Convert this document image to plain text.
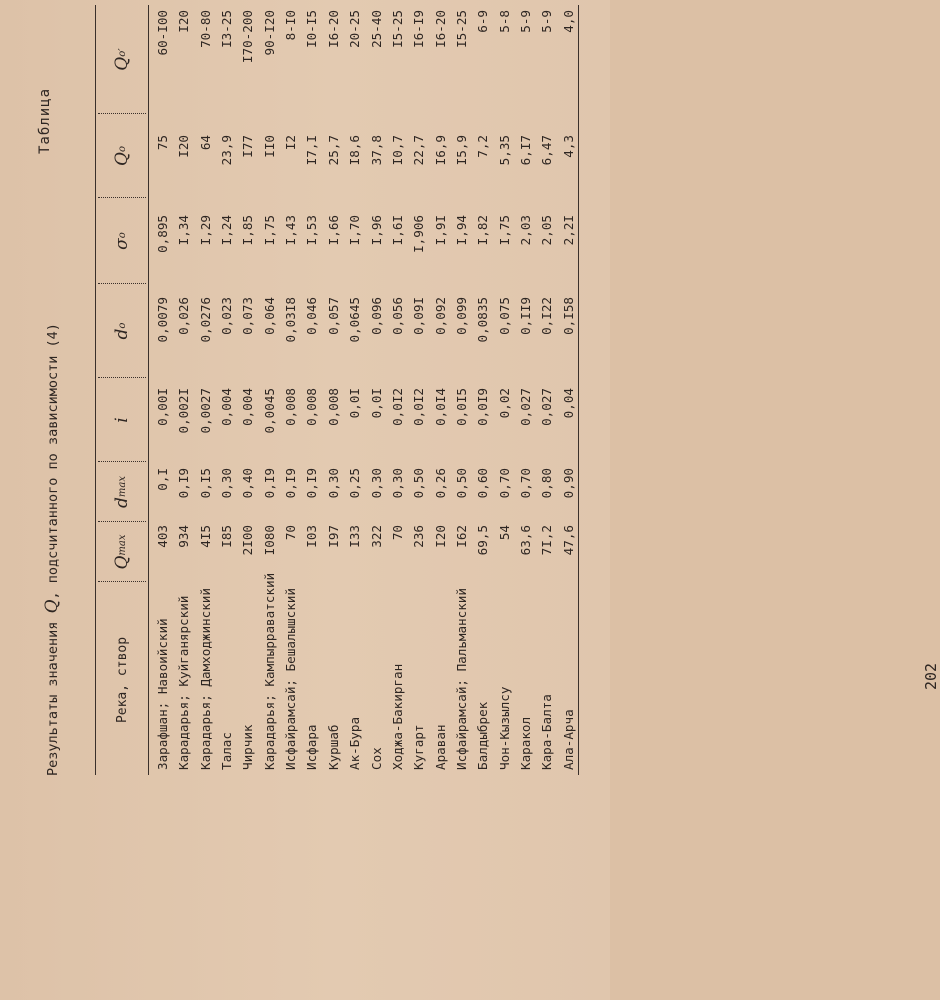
Таблица
Результаты значения Q, подсчитанного по зависимости (4)
Река, створ
Q
max
d
max
i
d
o
σ
o
Q
o
Q
o
′
Зарафшан; Навоийский
403
0,I
0,00I
0,0079
0,895
75
60-I00
Карадарья; Куйганярский
934
0,I9
0,002I
0,026
I,34
I20
I20
Карадарья; Дамходжинский
4I5
0,I5
0,0027
0,0276
I,29
64
70-80
Талас
I85
0,30
0,004
0,023
I,24
23,9
I3-25
Чирчик
2I00
0,40
0,004
0,073
I,85
I77
I70-200
Карадарья; Кампырраватский
I080
0,I9
0,0045
0,064
I,75
II0
90-I20
Исфайрамсай; Бешалышский
70
0,I9
0,008
0,03I8
I,43
I2
8-I0
Исфара
I03
0,I9
0,008
0,046
I,53
I7,I
I0-I5
Куршаб
I97
0,30
0,008
0,057
I,66
25,7
I6-20
Ак-Бура
I33
0,25
0,0I
0,0645
I,70
I8,6
20-25
Сох
322
0,30
0,0I
0,096
I,96
37,8
25-40
Ходжа-Бакирган
70
0,30
0,0I2
0,056
I,6I
I0,7
I5-25
Кугарт
236
0,50
0,0I2
0,09I
I,906
22,7
I6-I9
Араван
I20
0,26
0,0I4
0,092
I,9I
I6,9
I6-20
Исфайрамсай; Пальманский
I62
0,50
0,0I5
0,099
I,94
I5,9
I5-25
Балдыбрек
69,5
0,60
0,0I9
0,0835
I,82
7,2
6-9
Чон-Кызылсу
54
0,70
0,02
0,075
I,75
5,35
5-8
Каракол
63,6
0,70
0,027
0,II9
2,03
6,I7
5-9
Кара-Балта
7I,2
0,80
0,027
0,I22
2,05
6,47
5-9
Ала-Арча
47,6
0,90
0,04
0,I58
2,2I
4,3
4,0
202
